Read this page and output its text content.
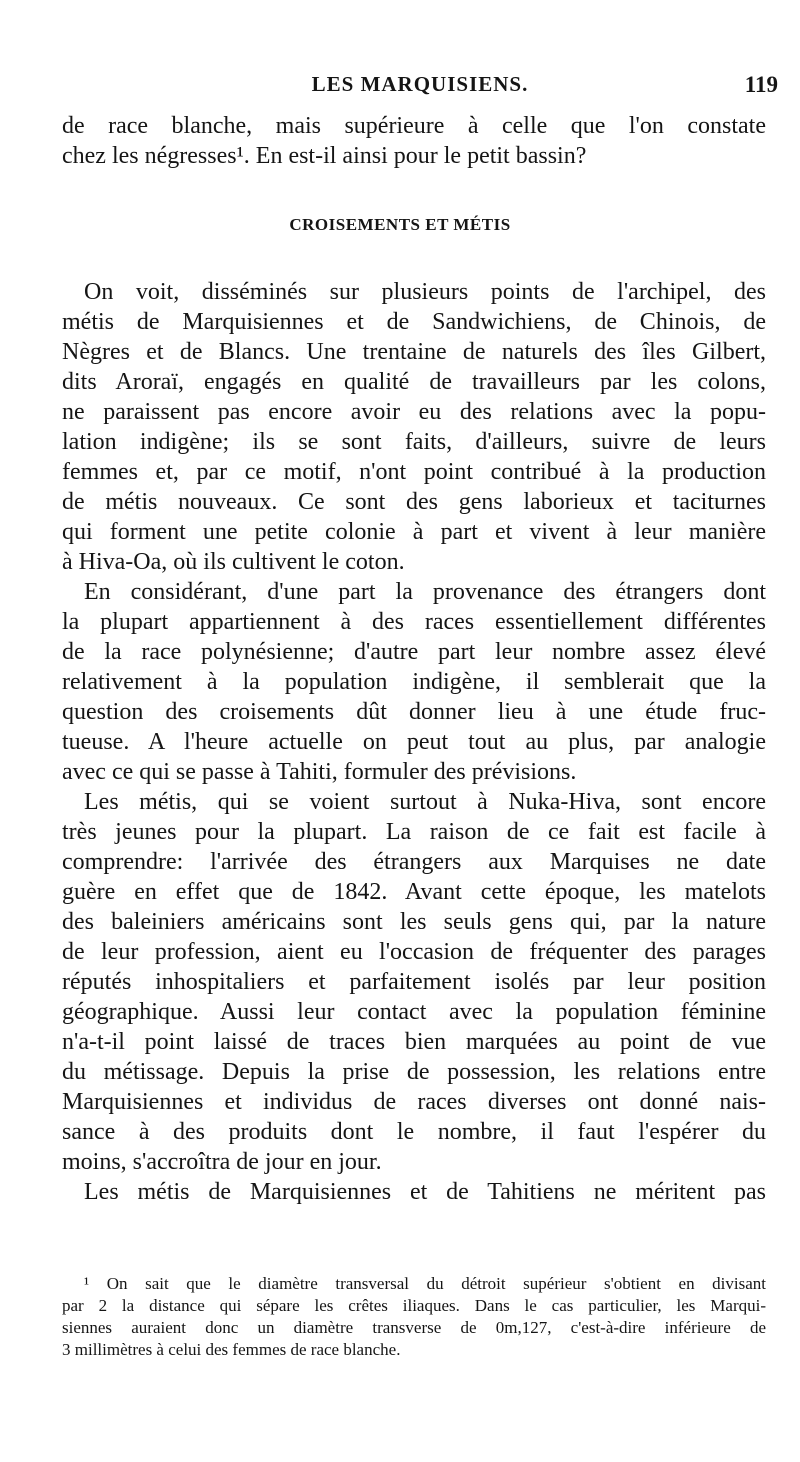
LES MARQUISIENS.	119
de race blanche, mais supérieure à celle que l'on constate
chez les négresses¹. En est-il ainsi pour le petit bassin?
CROISEMENTS ET MÉTIS
On voit, disséminés sur plusieurs points de l'archipel, des
métis de Marquisiennes et de Sandwichiens, de Chinois, de
Nègres et de Blancs. Une trentaine de naturels des îles Gilbert,
dits Aroraï, engagés en qualité de travailleurs par les colons,
ne paraissent pas encore avoir eu des relations avec la popu-
lation indigène; ils se sont faits, d'ailleurs, suivre de leurs
femmes et, par ce motif, n'ont point contribué à la production
de métis nouveaux. Ce sont des gens laborieux et taciturnes
qui forment une petite colonie à part et vivent à leur manière
à Hiva-Oa, où ils cultivent le coton.
En considérant, d'une part la provenance des étrangers dont
la plupart appartiennent à des races essentiellement différentes
de la race polynésienne; d'autre part leur nombre assez élevé
relativement à la population indigène, il semblerait que la
question des croisements dût donner lieu à une étude fruc-
tueuse. A l'heure actuelle on peut tout au plus, par analogie
avec ce qui se passe à Tahiti, formuler des prévisions.
Les métis, qui se voient surtout à Nuka-Hiva, sont encore
très jeunes pour la plupart. La raison de ce fait est facile à
comprendre: l'arrivée des étrangers aux Marquises ne date
guère en effet que de 1842. Avant cette époque, les matelots
des baleiniers américains sont les seuls gens qui, par la nature
de leur profession, aient eu l'occasion de fréquenter des parages
réputés inhospitaliers et parfaitement isolés par leur position
géographique. Aussi leur contact avec la population féminine
n'a-t-il point laissé de traces bien marquées au point de vue
du métissage. Depuis la prise de possession, les relations entre
Marquisiennes et individus de races diverses ont donné nais-
sance à des produits dont le nombre, il faut l'espérer du
moins, s'accroîtra de jour en jour.
Les métis de Marquisiennes et de Tahitiens ne méritent pas
¹ On sait que le diamètre transversal du détroit supérieur s'obtient en divisant
par 2 la distance qui sépare les crêtes iliaques. Dans le cas particulier, les Marqui-
siennes auraient donc un diamètre transverse de 0m,127, c'est-à-dire inférieure de
3 millimètres à celui des femmes de race blanche.
